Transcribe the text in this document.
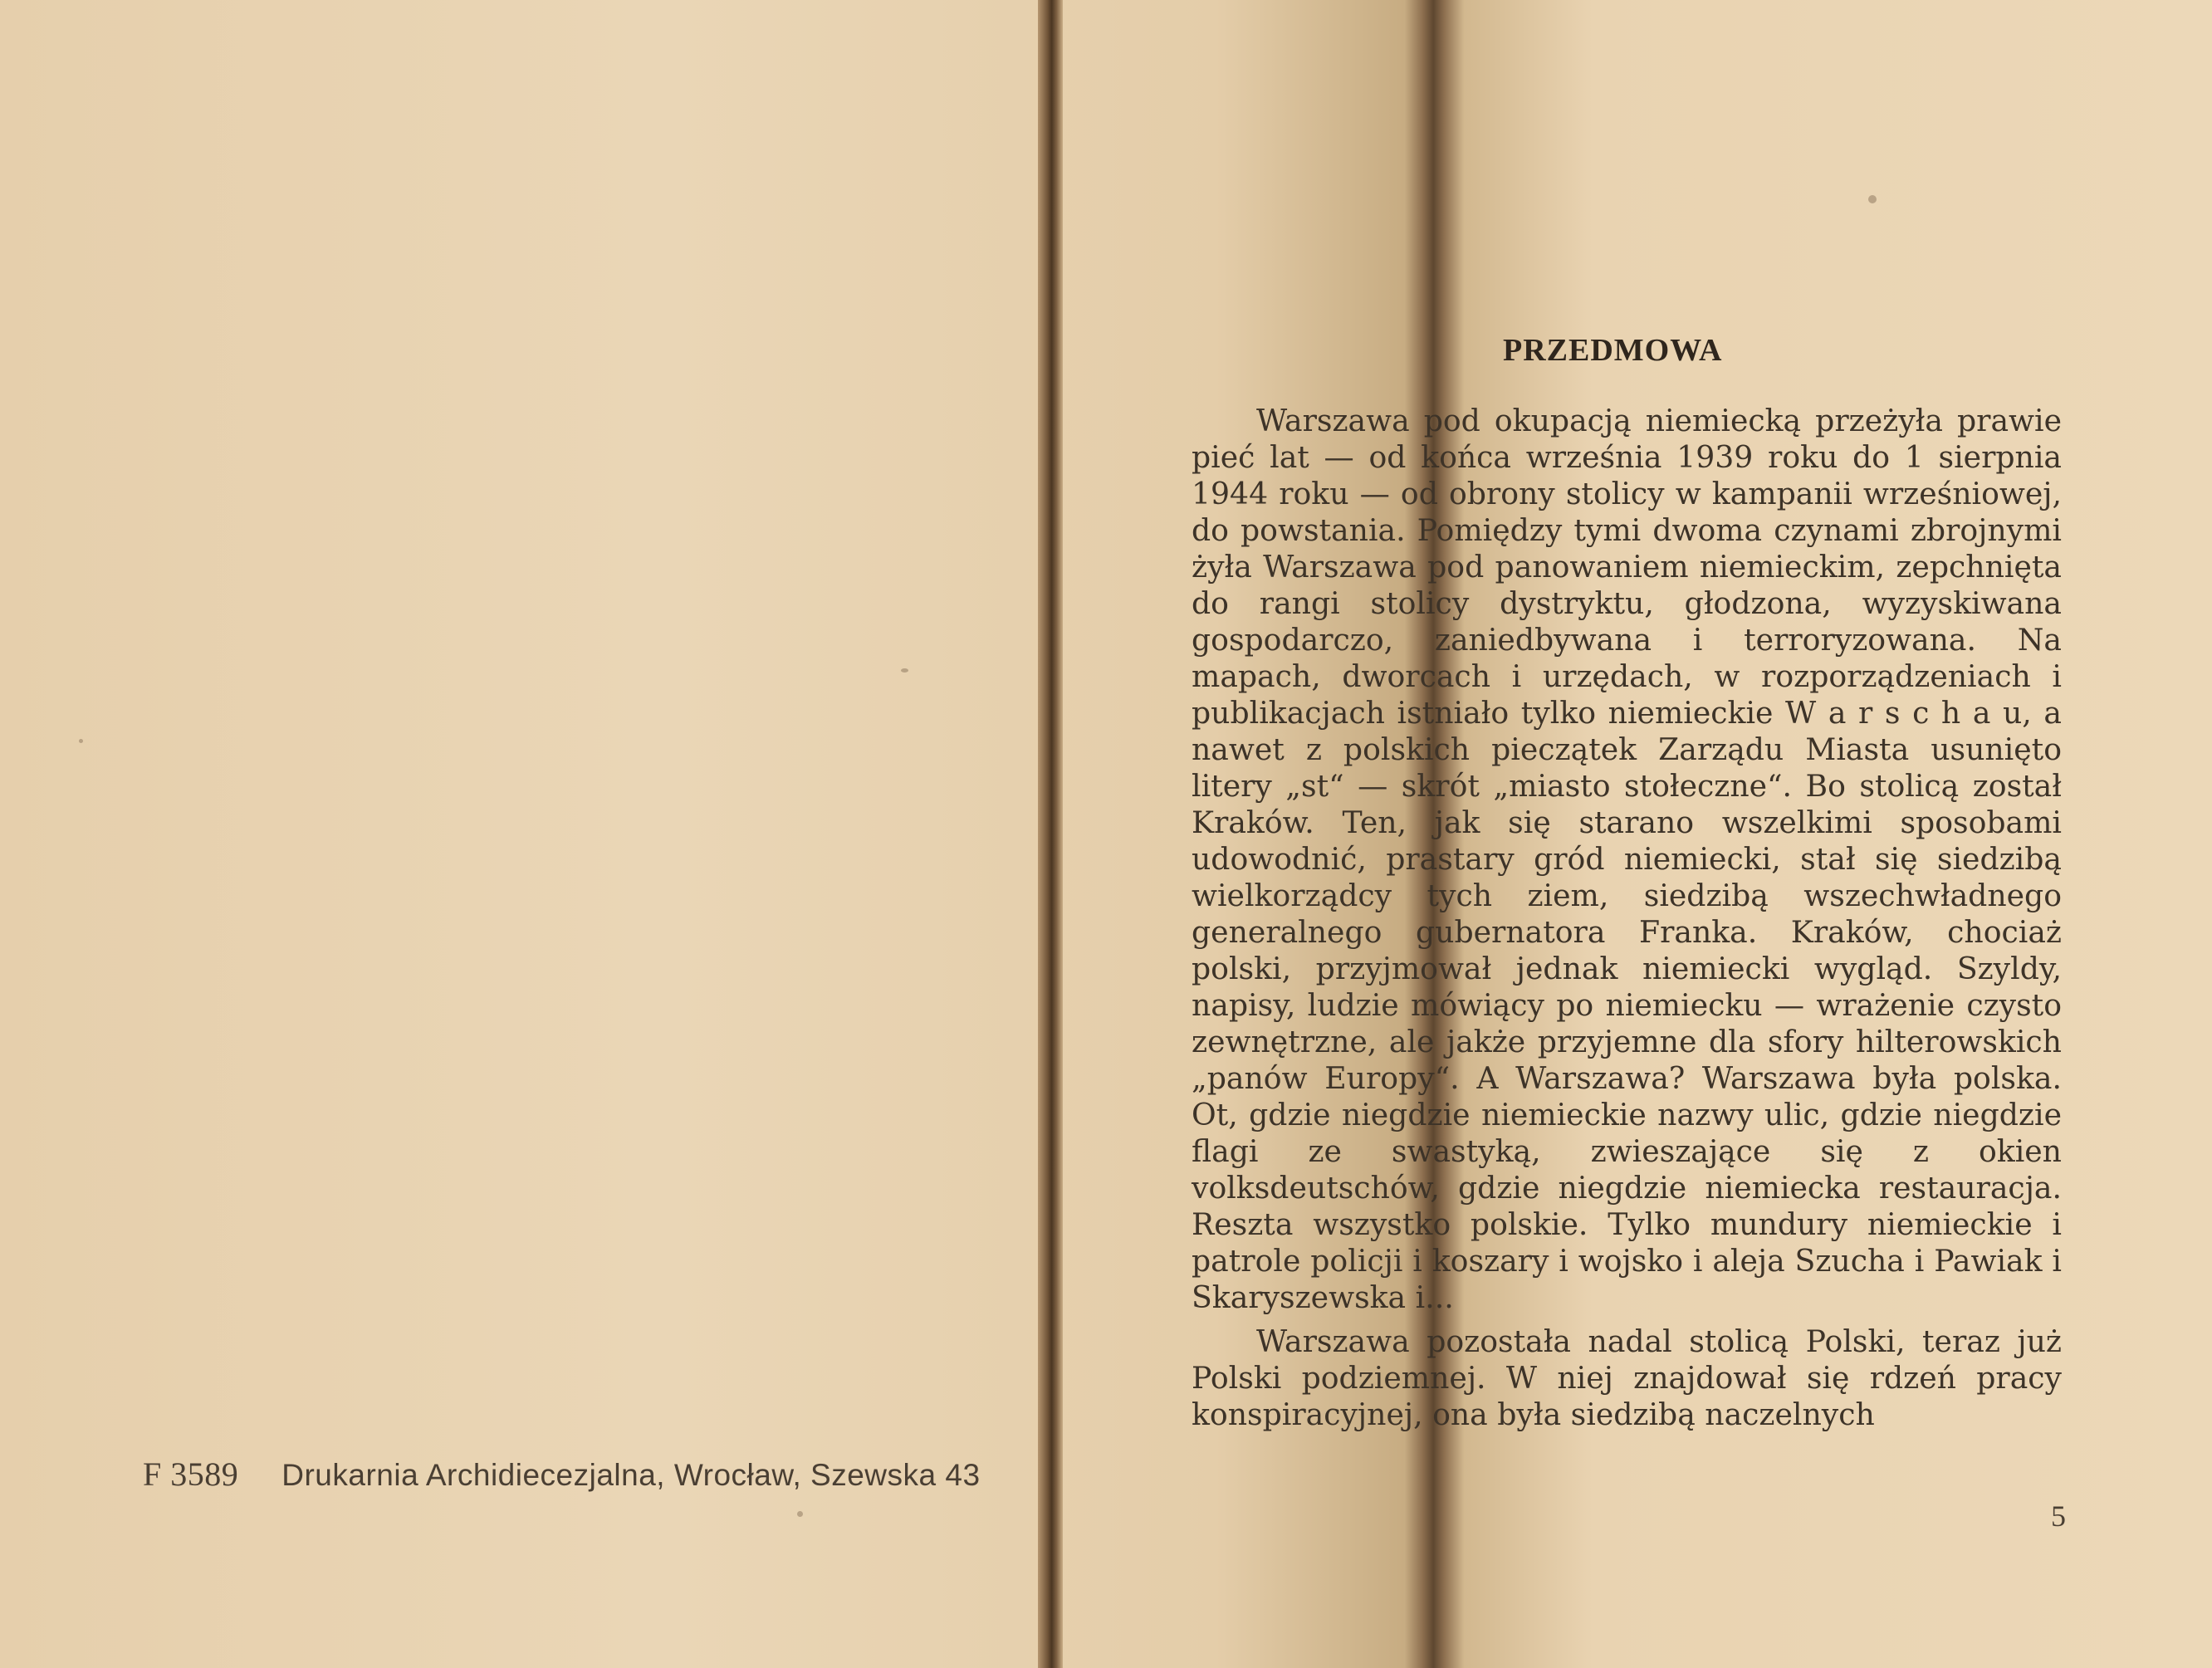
F 3589 Drukarnia Archidiecezjalna, Wrocław, Szewska 43
PRZEDMOWA

Warszawa pod okupacją niemiecką przeżyła prawie pieć lat — od końca września 1939 roku do 1 sierpnia 1944 roku — od obrony stolicy w kampanii wrześniowej, do powstania. Pomiędzy tymi dwoma czynami zbrojnymi żyła Warszawa pod panowaniem niemieckim, zepchnięta do rangi stolicy dystryktu, głodzona, wyzyskiwana gospodarczo, zaniedbywana i terroryzowana. Na mapach, dworcach i urzędach, w rozporządzeniach i publikacjach istniało tylko niemieckie W a r s c h a u, a nawet z polskich pieczątek Zarządu Miasta usunięto litery „st“ — skrót „miasto stołeczne“. Bo stolicą został Kraków. Ten, jak się starano wszelkimi sposobami udowodnić, prastary gród niemiecki, stał się siedzibą wielkorządcy tych ziem, siedzibą wszechwładnego generalnego gubernatora Franka. Kraków, chociaż polski, przyjmował jednak niemiecki wygląd. Szyldy, napisy, ludzie mówiący po niemiecku — wrażenie czysto zewnętrzne, ale jakże przyjemne dla sfory hilterowskich „panów Europy“. A Warszawa? Warszawa była polska. Ot, gdzie niegdzie niemieckie nazwy ulic, gdzie niegdzie flagi ze swastyką, zwieszające się z okien volksdeutschów, gdzie niegdzie niemiecka restauracja. Reszta wszystko polskie. Tylko mundury niemieckie i patrole policji i koszary i wojsko i aleja Szucha i Pawiak i Skaryszewska i...

Warszawa pozostała nadal stolicą Polski, teraz już Polski podziemnej. W niej znajdował się rdzeń pracy konspiracyjnej, ona była siedzibą naczelnych

5
